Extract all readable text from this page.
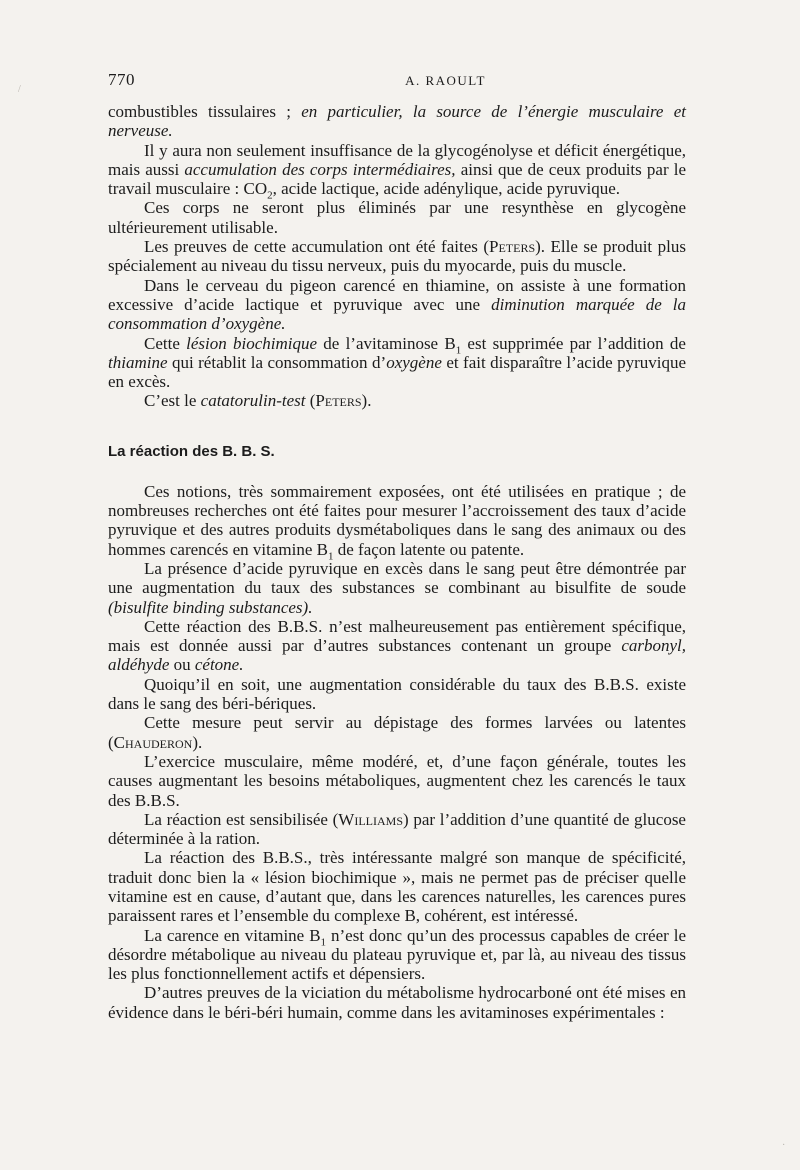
/
·
770	A. RAOULT

combustibles tissulaires ; en particulier, la source de l’énergie musculaire et nerveuse.

Il y aura non seulement insuffisance de la glycogénolyse et déficit énergétique, mais aussi accumulation des corps intermédiaires, ainsi que de ceux produits par le travail musculaire : $CO_2$, acide lactique, acide adénylique, acide pyruvique.

Ces corps ne seront plus éliminés par une resynthèse en glycogène ultérieurement utilisable.

Les preuves de cette accumulation ont été faites (Peters). Elle se produit plus spécialement au niveau du tissu nerveux, puis du myocarde, puis du muscle.

Dans le cerveau du pigeon carencé en thiamine, on assiste à une formation excessive d’acide lactique et pyruvique avec une diminution marquée de la consommation d’oxygène.

Cette lésion biochimique de l’avitaminose $B_1$ est supprimée par l’addition de thiamine qui rétablit la consommation d’oxygène et fait disparaître l’acide pyruvique en excès.

C’est le catatorulin-test (Peters).

La réaction des B. B. S.

Ces notions, très sommairement exposées, ont été utilisées en pratique ; de nombreuses recherches ont été faites pour mesurer l’accroissement des taux d’acide pyruvique et des autres produits dysmétaboliques dans le sang des animaux ou des hommes carencés en vitamine $B_1$ de façon latente ou patente.

La présence d’acide pyruvique en excès dans le sang peut être démontrée par une augmentation du taux des substances se combinant au bisulfite de soude (bisulfite binding substances).

Cette réaction des B.B.S. n’est malheureusement pas entièrement spécifique, mais est donnée aussi par d’autres substances contenant un groupe carbonyl, aldéhyde ou cétone.

Quoiqu’il en soit, une augmentation considérable du taux des B.B.S. existe dans le sang des béri-bériques.

Cette mesure peut servir au dépistage des formes larvées ou latentes (Chauderon).

L’exercice musculaire, même modéré, et, d’une façon générale, toutes les causes augmentant les besoins métaboliques, augmentent chez les carencés le taux des B.B.S.

La réaction est sensibilisée (Williams) par l’addition d’une quantité de glucose déterminée à la ration.

La réaction des B.B.S., très intéressante malgré son manque de spécificité, traduit donc bien la « lésion biochimique », mais ne permet pas de préciser quelle vitamine est en cause, d’autant que, dans les carences naturelles, les carences pures paraissent rares et l’ensemble du complexe B, cohérent, est intéressé.

La carence en vitamine $B_1$ n’est donc qu’un des processus capables de créer le désordre métabolique au niveau du plateau pyruvique et, par là, au niveau des tissus les plus fonctionnellement actifs et dépensiers.

D’autres preuves de la viciation du métabolisme hydrocarboné ont été mises en évidence dans le béri-béri humain, comme dans les avitaminoses expérimentales :
